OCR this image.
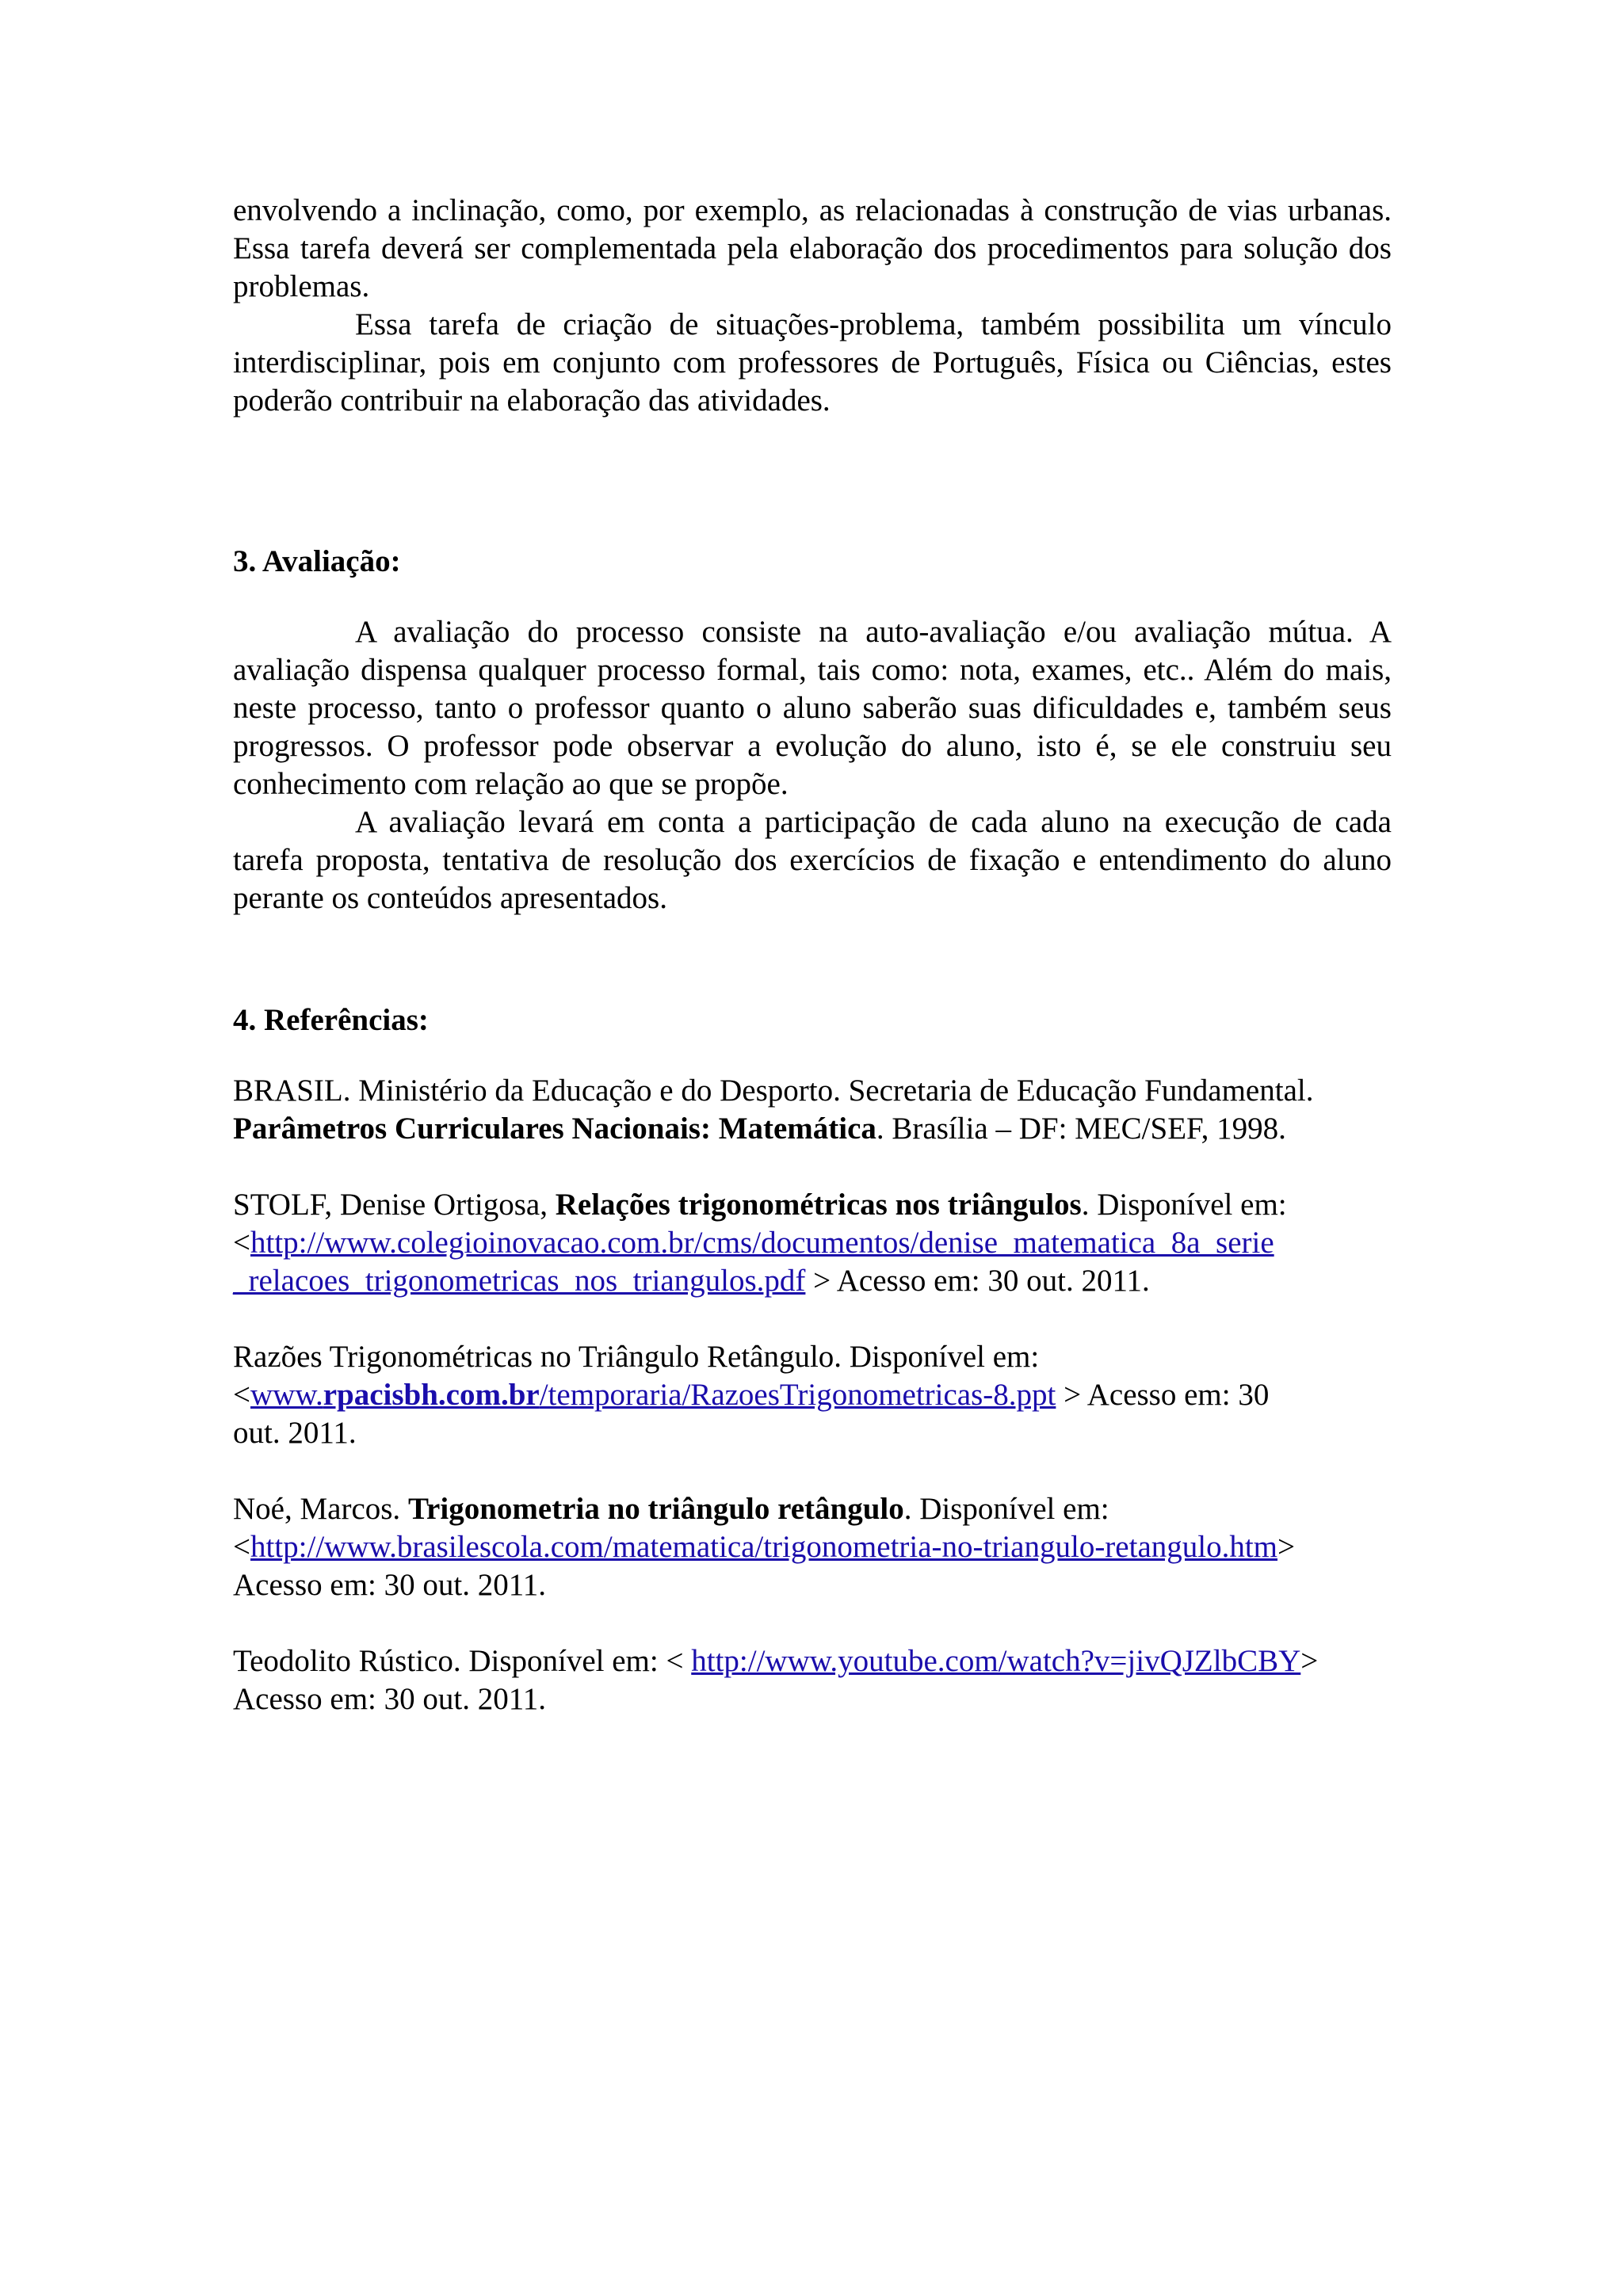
envolvendo a inclinação, como, por exemplo, as relacionadas à construção de vias urbanas. Essa tarefa deverá ser complementada pela elaboração dos procedimentos para solução dos problemas.

Essa tarefa de criação de situações-problema, também possibilita um vínculo interdisciplinar, pois em conjunto com professores de Português, Física ou Ciências, estes poderão contribuir na elaboração das atividades.

3. Avaliação:

A avaliação do processo consiste na auto-avaliação e/ou avaliação mútua. A avaliação dispensa qualquer processo formal, tais como: nota, exames, etc.. Além do mais, neste processo, tanto o professor quanto o aluno saberão suas dificuldades e, também seus progressos. O professor pode observar a evolução do aluno, isto é, se ele construiu seu conhecimento com relação ao que se propõe.

A avaliação levará em conta a participação de cada aluno na execução de cada tarefa proposta, tentativa de resolução dos exercícios de fixação e entendimento do aluno perante os conteúdos apresentados.

4. Referências:

BRASIL. Ministério da Educação e do Desporto. Secretaria de Educação Fundamental.

Parâmetros Curriculares Nacionais: Matemática. Brasília – DF: MEC/SEF, 1998.

STOLF, Denise Ortigosa, Relações trigonométricas nos triângulos. Disponível em:<http://www.colegioinovacao.com.br/cms/documentos/denise_matematica_8a_serie
_relacoes_trigonometricas_nos_triangulos.pdf > Acesso em: 30 out. 2011.

Razões Trigonométricas no Triângulo Retângulo. Disponível em:

<www.rpacisbh.com.br/temporaria/RazoesTrigonometricas-8.ppt > Acesso em: 30

out. 2011.

Noé, Marcos. Trigonometria no triângulo retângulo. Disponível em:

<http://www.brasilescola.com/matematica/trigonometria-no-triangulo-retangulo.htm>

Acesso em: 30 out. 2011.

Teodolito Rústico. Disponível em: < http://www.youtube.com/watch?v=jivQJZlbCBY>

Acesso em: 30 out. 2011.
